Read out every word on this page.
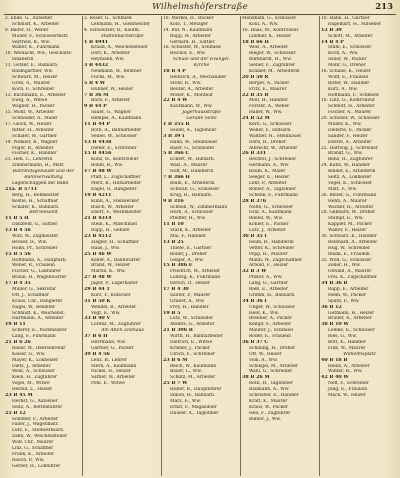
Wilhelmshöferstraße	213
2. Ende, G., Aufseher
Schmidt, K., Arbeiter
8. Bader, H., Weber
Müller, F., Schlossermstr.
Seyfried, R., Ww.
Walter, K., Fuhrmann
10. Weinacht, Ww., Geschäfts-
inhaberin
11. Götzer, E., Bahnarb.
Baumgartner, Ww.
Schwarz, M., Heizer
Groß, A., Maurer
Koch, F., Schreiner
13. Buchmann, E., Arbeiter
Ewig, A., Witwe
Wagner, H., Packer
15. Mohr, W., Arbeiter
Schneider, A., Maler
17. Glock, W., Heizer
Ritter, H., Arbeiter
Schäfer, W., Gärtner
19. Winkler, B., Wagner
Pilger, R., Arbeiter
Fischer, K., Händler
21. Heß, C., Lehrerin
Zimmermann, H., Mstr.
Bahnhofsgebäude und der
Bahnverwaltung
Lagerschuppen der Bahn
21a. B 5711
Berg, H., Rebmeister
Kestle, H., Schaffner
Schäfer, K., Bahnarb.
Betriebsamt
11 B 5 H
Danzfeld, G., Sattler
13 B 4 56
Witz, W., Zugmeister
Becker, H., Ww.
Höhn, Pr., Schreiner
15 B 5 56
Hoffmann, A., Hauptarb.
Weber, R., Fräulein
Fischer, G., Lokführer
Braun, H., Wagenwärter
17 B 4 35
Müller, G., Sekretär
Ott, J., Schaffner
Kraus, Chr., Rangierer
Nagel, W., Beamter
Schmidt, K., Weichenst.
Hartmann, A., Arbeiter
19 B 11
Scherer, E., Packmeister
Lang, F., Fuhrmann
21 B 6 26
Bauer, W., Obersekretär
Kaiser, G., Ww.
Mayer, K., Lokheizer
Dietz, J., Arbeiter
Weiß, A., Schlosser
Klein, H., Zugführer
Vogel, M., Witwe
Herold, L., Heizer
23 B 45 M
Herbst, G., Aufseher
Seitz, A., Rottenführer
25 B 12
Sommer, F., Arbeiter
Faller, J., Wagenmstr.
Lutz, E., Stellwerksarb.
Zahn, W., Weichensteller
Wolf, Chr., Maurer
Linz, G., Schaffner
Frank, K., Arbeiter
Rauch, P., Ww.
Gerber, H., Lokführer
2. Röser, G., Schmied
Lehmann, H., Gießmeister
4. Schweitzer, R., Kaufm.
Hüttenbachstraße
1 B 4941
Krauß, A., Weichensteller
Dörr, K., Arbeiter
Heymann, Ww.
3 B 4432
Neumann, W., Rentner
Fuchs, M., Ww.
5 B 4 W
Hübner, W., Heizer
7 B 36 M
Bach, F., Arbeiter
9 B 44 P
Sauer, G., Wagner
Hempel, A., Kaufmann
11 B 44 P
Roth, A., Bahnarbeiter
Seibel, W., Schlosser
13 B 4438
Dieter, E., Schreiner
15 B 4456
Kunz, H., Kontrolleur
Böhm, R., Ww.
17 B 48 W
Pfaff, L., Zugschaffner
Merz, B., Hilfsarbeiter
Engel, O., Rangierer
19 B 4211
Kühn, A., Stellwerker
Busch, W., Arbeiter
Ebert, F., Werkmeister
21 B 4314
Stein, K., Maschinist
Rapp, H., Gehilfe
23 B 4512
Ziegler, H., Schaffner
Haas, J., Ww.
25 B 46 W
Keller, A., Bahnwärter
Brand, W., Heizer
Martin, K., Ww.
27 B 48 W
Jäger, P., Lagerhalter
29 B 44 T
Kurz, F., Kutscher
31 B 50 K
Wendel, B., Arbeiter
Vogt, E., Ww.
33 B 40 V
Lorenz, M., Zugführer
Am Alten Zollhaus
37 B 6 H
Herrmann, Ww.
Gärtner, G., Packer
39 B 4 56
Lenz, B., Lehrer
Stern, A., Kaufmann
Nickel, H., Heizer
Sattler, W., Arbeiter
Pohl, E., Witwe
10. Merkel, H., Bäcker
Kolb, T., Metzger
14. Ruf, N., Kaufmann
Rupp, W., Arbeiter
Gerhard, H., Sattler
16. Schuster, W., Schmied
Bischof, E., Ww.
Schule und der Evangel.
Kirche
18 B 4 P
Heinrich, A., Mechaniker
Stöhr, R., Ww.
Reuter, A., Arbeiter
Moser, K., Monteur
22 B 4 W
Kaufmann, W., Ww.
Jägerhausstraße
Gerade Seite
1 B 355 B
Seidel, A., Taglöhner
3 B 39 I
Hahn, W., Steinhauer
Baier, G., Schneider
5 B 366 C
Eckert, W., Hilfsarb.
Walz, A., Maurer
Hoff, M., Händlerin
7 B 366 H
Blum, E., Arbeiterin
Schwab, G., Schlosser
Krug, H., Bahnarb.
9 B 316
Schnell, W., Zimmermann
Horn, A., Schlosser
Pfeiffer, H., Ww.
11 B 10
Stark, K., Arbeiter
Mai, F., Händler
13 B 25
Thiele, E., Gärtner
Roller, J., Dreher
Geiger, A., Ww.
15 B 386 E
Friedrich, W., Arbeiter
Ludwig, K., Fuhrmann
Hirsch, O., Heizer
17 B 4 30
Sauter, P., Maurer
Gruber, A., Ww.
Frey, H., Händler
19 B 5
Lutz, W., Schneider
Anders, G., Arbeiter
21 B 396 B
Wirth, H., Bahnarbeiter
Dietrich, E., Witwe
Kramer, J., Packer
Ulrich, F., Schreiner
23 B 6 M
Reich, W., Kaufmann
Bauer, L., Ww.
Schütz, M., Arbeiter
25 B 7 W
Huber, R., Hauptlehrer
Simon, H., Bahnarb.
Marx, E., Ww.
Ernst, F., Magazinier
Hauser, A., Taglöhner
Mendham, G., Schlosser
Kohl, A., Ww.
16. Haas, M., Kontrolleur
Lindner, K., Heizer
18 B 66 H
Weis, A., Arbeiter
Rieger, W., Schlosser
Burkhardt, H., Ww.
Sieber, F., Zugführer
Krämer, M., Arbeiterin
20 B 50 R
Berger, A., Packer
Fritz, E., Maurer
22 B 35 B
Moll, H., Händler
Förster, A., Weber
Haller, W., Ww.
24 B 52 M
Kern, G., Schlosser
Weller, F., Hilfsarb.
Walther, H., Steinhauer
Dorn, R., Dreher
Albrecht, W., Arbeiter
26 B 331
Bechtel, J., Schreiner
Hermann, A., Ww.
Baum, K., Maler
Seeger, E., Heizer
Lehr, P., Arbeiter
Böhler, A., Taglöhner
Schenk, F., Fuhrmann
28 B 376
Nolte, G., Schlosser
Graf, A., Kaufmann
Riedel, W., Ww.
Köhler, E., Packer
Lutz, J., Arbeiter
30 B 35 I
Heim, R., Händlerin
Vetter, K., Schreiner
Popp, H., Maurer
Mann, W., Zugschaffner
Arnold, F., Heizer
32 B 3 W
Pfister, A., Ww.
Lang, G., Gärtner
Rieß, E., Arbeiter
Grimm, H., Bahnarb.
34 B 36 I
Unger, W., Schlosser
Held, K., Ww.
Brenner, A., Packer
Kempf, F., Arbeiter
Maurer, J., Schmied
Röder, E., Fräulein
36 B 37 C
Schilling, H., Dreher
Ott, W., Heizer
Volk, A., Ww.
Schlegel, M., Arbeiter
Wahl, G., Schreiner
38 B 26 M
Roth, H., Taglöhner
Baumann, A., Ww.
Schreiber, E., Händler
Kraft, K., Maurer
Kraus, W., Packer
Heil, F., Zugführer
Bühler, J., Ww.
10. Hahn, H., Gärtner
Engelhart, H., Aufseher
12 B 39
Schott, M., Arbeiter
14 B 4 P
Stahl, E., Schlosser
Koch, A., Ww.
Seiler, W., Packer
Mohr, G., Dreher
16. Schade, K., Heizer
Wolff, E., Fräulein
Ritter, W., Händler
Kurz, A., Ww.
Hoffmann, F., Schmied
18. Lutz, G., Kontrolleur
Schmitt, H., Arbeiter
Fischer, A., Maurer
20. Schober, W., Schlosser
Müller, K., Ww.
Dieterle, E., Packer
Sander, F., Heizer
Eberle, A., Arbeiter
22. Hartwig, J., Schreiner
Brandt, G., Ww.
Renz, H., Zugführer
24. Kuhn, W., Händler
Binder, E., Arbeiterin
Seitz, A., Lokheizer
Vogel, K., Schlosser
Matt, F., Ww.
26. Reiter, G., Fuhrmann
Henn, A., Maurer
Wacker, H., Arbeiter
28. Gebhard, W., Dreher
Stumpf, E., Ww.
Kappler, M., Packer
Walter, F., Heizer
30. Schwarz, K., Händler
Reinhard, A., Arbeiter
Hug, W., Schreiner
Blank, E., Fräulein
32. Wild, G., Schlosser
Zeller, H., Ww.
Oswald, A., Maurer
Frei, K., Zugschaffner
34 B 36 B
Rapp, E., Arbeiter
Helm, W., Packer
Späth, F., Ww.
36 B 12
Gutmann, H., Heizer
Bruder, A., Arbeiter
38 B 10 W
Lemke, E., Schlosser
Ries, G., Ww.
Bott, K., Händler
Fink, W., Maurer
Wilhelmsplatz
40 B 18 B
Heinz, A., Arbeiter
Winter, H., Ww.
42 B 40 W
Neff, F., Schreiner
Jung, E., Fräulein
Mack, W., Heizer
